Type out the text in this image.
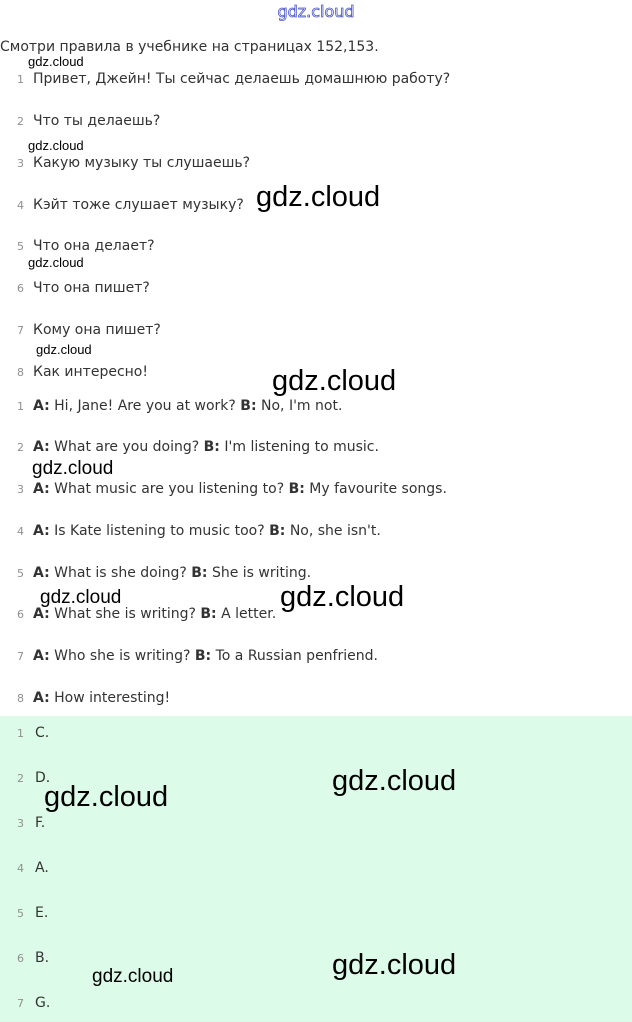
gdz.cloud
Смотри правила в учебнике на страницах 152,153.
1 Привет, Джейн! Ты сейчас делаешь домашнюю работу?
2 Что ты делаешь?
3 Какую музыку ты слушаешь?
4 Кэйт тоже слушает музыку?
5 Что она делает?
6 Что она пишет?
7 Кому она пишет?
8 Как интересно!
1 A: Hi, Jane! Are you at work? B: No, I'm not.
2 A: What are you doing? B: I'm listening to music.
3 A: What music are you listening to? B: My favourite songs.
4 A: Is Kate listening to music too? B: No, she isn't.
5 A: What is she doing? B: She is writing.
6 A: What she is writing? B: A letter.
7 A: Who she is writing? B: To a Russian penfriend.
8 A: How interesting!
1 C.
2 D.
3 F.
4 A.
5 E.
6 B.
7 G.
gdz.cloud
gdz.cloud
gdz.cloud
gdz.cloud
gdz.cloud
gdz.cloud
gdz.cloud
gdz.cloud	gdz.cloud
gdz.cloud
gdz.cloud
gdz.cloud
gdz.cloud
